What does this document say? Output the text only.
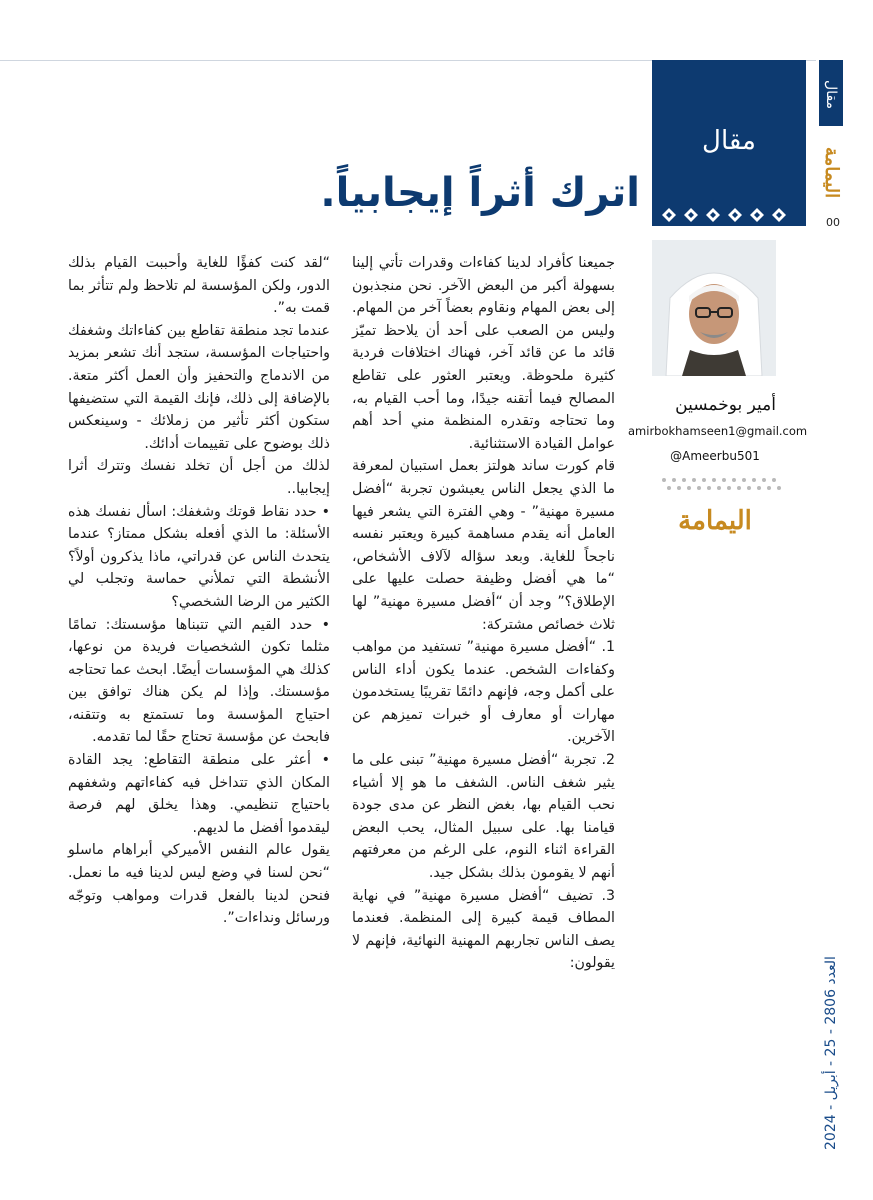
مقال
اليمامة
00
العدد 2806 - 25 - أبريل - 2024
مقال
اترك أثراً إيجابياً.
أمير بوخمسين
amirbokhamseen1@gmail.com
@Ameerbu501
اليمامة

جميعنا كأفراد لدينا كفاءات وقدرات تأتي إلينا بسهولة أكبر من البعض الآخر. نحن منجذبون إلى بعض المهام ونقاوم بعضاً آخر من المهام. وليس من الصعب على أحد أن يلاحظ تميّز قائد ما عن قائد آخر، فهناك اختلافات فردية كثيرة ملحوظة. ويعتبر العثور على تقاطع المصالح فيما أتقنه جيدًا، وما أحب القيام به، وما تحتاجه وتقدره المنظمة مني أحد أهم عوامل القيادة الاستثنائية.

قام كورت ساند هولتز بعمل استبيان لمعرفة ما الذي يجعل الناس يعيشون تجربة “أفضل مسيرة مهنية” - وهي الفترة التي يشعر فيها العامل أنه يقدم مساهمة كبيرة ويعتبر نفسه ناجحاً للغاية. وبعد سؤاله لآلاف الأشخاص، “ما هي أفضل وظيفة حصلت عليها على الإطلاق؟” وجد أن “أفضل مسيرة مهنية” لها ثلاث خصائص مشتركة:

1. “أفضل مسيرة مهنية” تستفيد من مواهب وكفاءات الشخص. عندما يكون أداء الناس على أكمل وجه، فإنهم دائمًا تقريبًا يستخدمون مهارات أو معارف أو خبرات تميزهم عن الآخرين.

2. تجربة “أفضل مسيرة مهنية” تبنى على ما يثير شغف الناس. الشغف ما هو إلا أشياء نحب القيام بها، بغض النظر عن مدى جودة قيامنا بها. على سبيل المثال، يحب البعض القراءة اثناء النوم، على الرغم من معرفتهم أنهم لا يقومون بذلك بشكل جيد.

3. تضيف “أفضل مسيرة مهنية” في نهاية المطاف قيمة كبيرة إلى المنظمة. فعندما يصف الناس تجاربهم المهنية النهائية، فإنهم لا يقولون:

“لقد كنت كفؤًا للغاية وأحببت القيام بذلك الدور، ولكن المؤسسة لم تلاحظ ولم تتأثر بما قمت به”.

عندما تجد منطقة تقاطع بين كفاءاتك وشغفك واحتياجات المؤسسة، ستجد أنك تشعر بمزيد من الاندماج والتحفيز وأن العمل أكثر متعة. بالإضافة إلى ذلك، فإنك القيمة التي ستضيفها ستكون أكثر تأثير من زملائك - وسينعكس ذلك بوضوح على تقييمات أدائك.

لذلك من أجل أن تخلد نفسك وتترك أثرا إيجابيا..

• حدد نقاط قوتك وشغفك: اسأل نفسك هذه الأسئلة: ما الذي أفعله بشكل ممتاز؟ عندما يتحدث الناس عن قدراتي، ماذا يذكرون أولاً؟ الأنشطة التي تملأني حماسة وتجلب لي الكثير من الرضا الشخصي؟

• حدد القيم التي تتبناها مؤسستك: تمامًا مثلما تكون الشخصيات فريدة من نوعها، كذلك هي المؤسسات أيضًا. ابحث عما تحتاجه مؤسستك. وإذا لم يكن هناك توافق بين احتياج المؤسسة وما تستمتع به وتتقنه، فابحث عن مؤسسة تحتاج حقًا لما تقدمه.

• أعثر على منطقة التقاطع: يجد القادة المكان الذي تتداخل فيه كفاءاتهم وشغفهم باحتياج تنظيمي. وهذا يخلق لهم فرصة ليقدموا أفضل ما لديهم.

يقول عالم النفس الأميركي أبراهام ماسلو “نحن لسنا في وضع ليس لدينا فيه ما نعمل. فنحن لدينا بالفعل قدرات ومواهب وتوجّه ورسائل ونداءات”.
